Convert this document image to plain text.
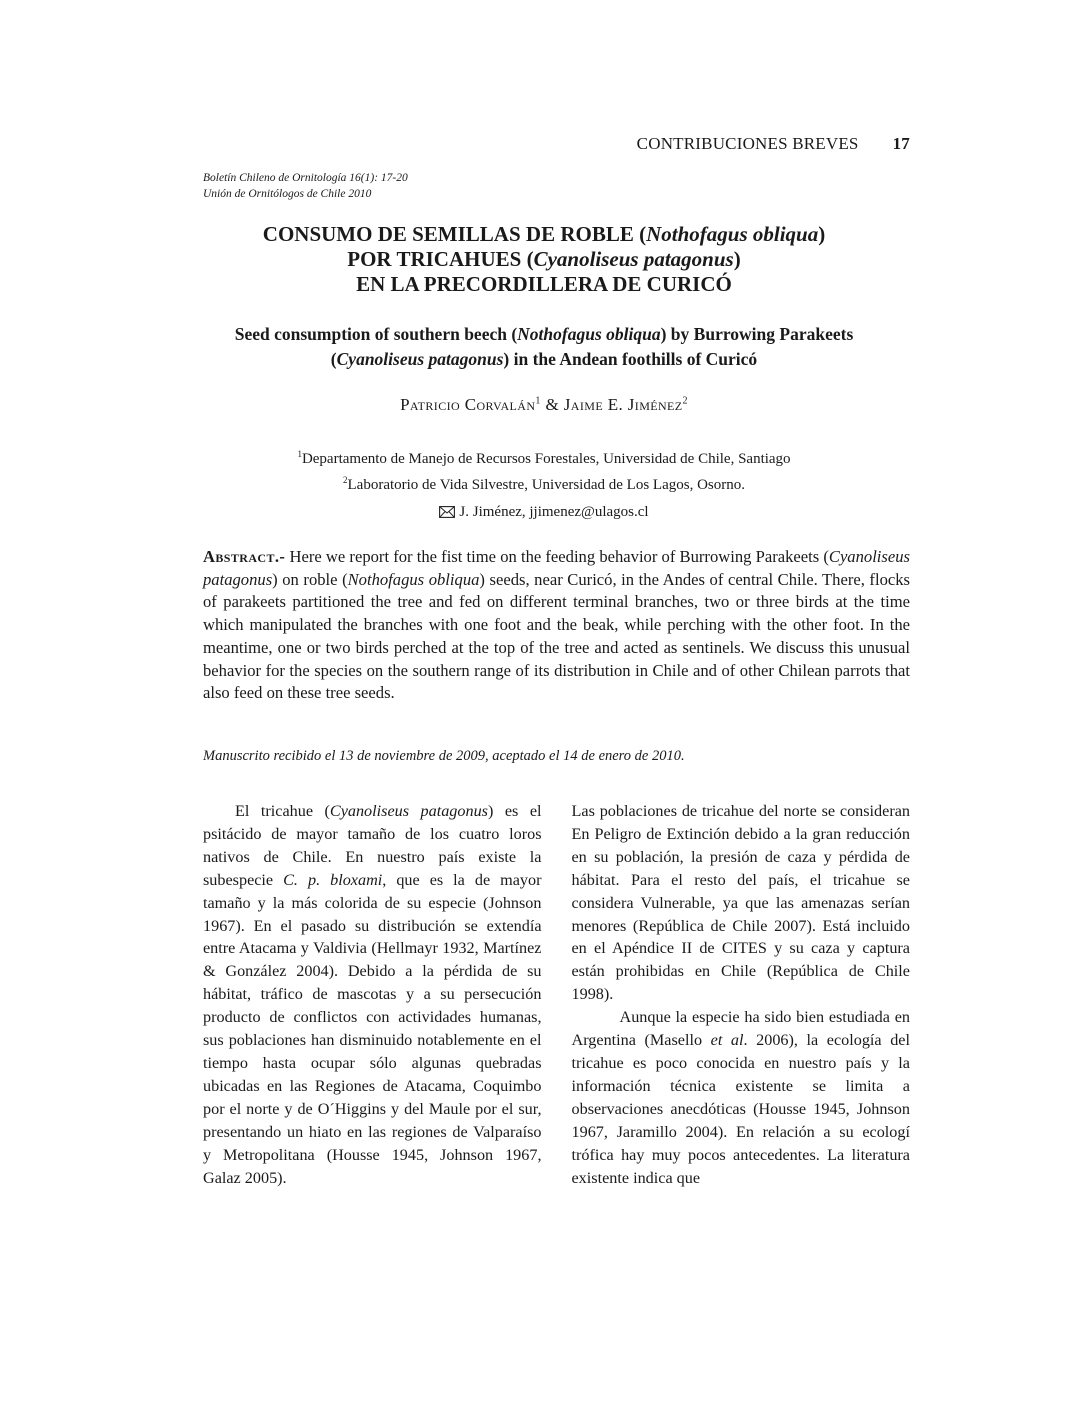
CONTRIBUCIONES BREVES 17
Boletín Chileno de Ornitología 16(1): 17-20
Unión de Ornitólogos de Chile 2010
CONSUMO DE SEMILLAS DE ROBLE (Nothofagus obliqua)
POR TRICAHUES (Cyanoliseus patagonus)
EN LA PRECORDILLERA DE CURICÓ
Seed consumption of southern beech (Nothofagus obliqua) by Burrowing Parakeets
(Cyanoliseus patagonus) in the Andean foothills of Curicó
Patricio Corvalán$^1$ & Jaime E. Jiménez$^2$
$^1$Departamento de Manejo de Recursos Forestales, Universidad de Chile, Santiago
$^2$Laboratorio de Vida Silvestre, Universidad de Los Lagos, Osorno.
J. Jiménez, jjimenez@ulagos.cl
Abstract.- Here we report for the fist time on the feeding behavior of Burrowing Parakeets (Cyanoliseus patagonus) on roble (Nothofagus obliqua) seeds, near Curicó, in the Andes of central Chile. There, flocks of parakeets partitioned the tree and fed on different terminal branches, two or three birds at the time which manipulated the branches with one foot and the beak, while perching with the other foot. In the meantime, one or two birds perched at the top of the tree and acted as sentinels. We discuss this unusual behavior for the species on the southern range of its distribution in Chile and of other Chilean parrots that also feed on these tree seeds.
Manuscrito recibido el 13 de noviembre de 2009, aceptado el 14 de enero de 2010.

El tricahue (Cyanoliseus patagonus) es el psitácido de mayor tamaño de los cuatro loros nativos de Chile. En nuestro país existe la subespecie C. p. bloxami, que es la de mayor tamaño y la más colorida de su especie (Johnson 1967). En el pasado su distribución se extendía entre Atacama y Valdivia (Hellmayr 1932, Martínez & González 2004). Debido a la pérdida de su hábitat, tráfico de mascotas y a su persecución producto de conflictos con actividades humanas, sus poblaciones han disminuido notablemente en el tiempo hasta ocupar sólo algunas quebradas ubicadas en las Regiones de Atacama, Coquimbo por el norte y de O´Higgins y del Maule por el sur, presentando un hiato en las regiones de Valparaíso y Metropolitana (Housse 1945, Johnson 1967, Galaz 2005).

Las poblaciones de tricahue del norte se consideran En Peligro de Extinción debido a la gran reducción en su población, la presión de caza y pérdida de hábitat. Para el resto del país, el tricahue se considera Vulnerable, ya que las amenazas serían menores (República de Chile 2007). Está incluido en el Apéndice II de CITES y su caza y captura están prohibidas en Chile (República de Chile 1998).

Aunque la especie ha sido bien estudiada en Argentina (Masello et al. 2006), la ecología del tricahue es poco conocida en nuestro país y la información técnica existente se limita a observaciones anecdóticas (Housse 1945, Johnson 1967, Jaramillo 2004). En relación a su ecologí trófica hay muy pocos antecedentes. La literatura existente indica que
